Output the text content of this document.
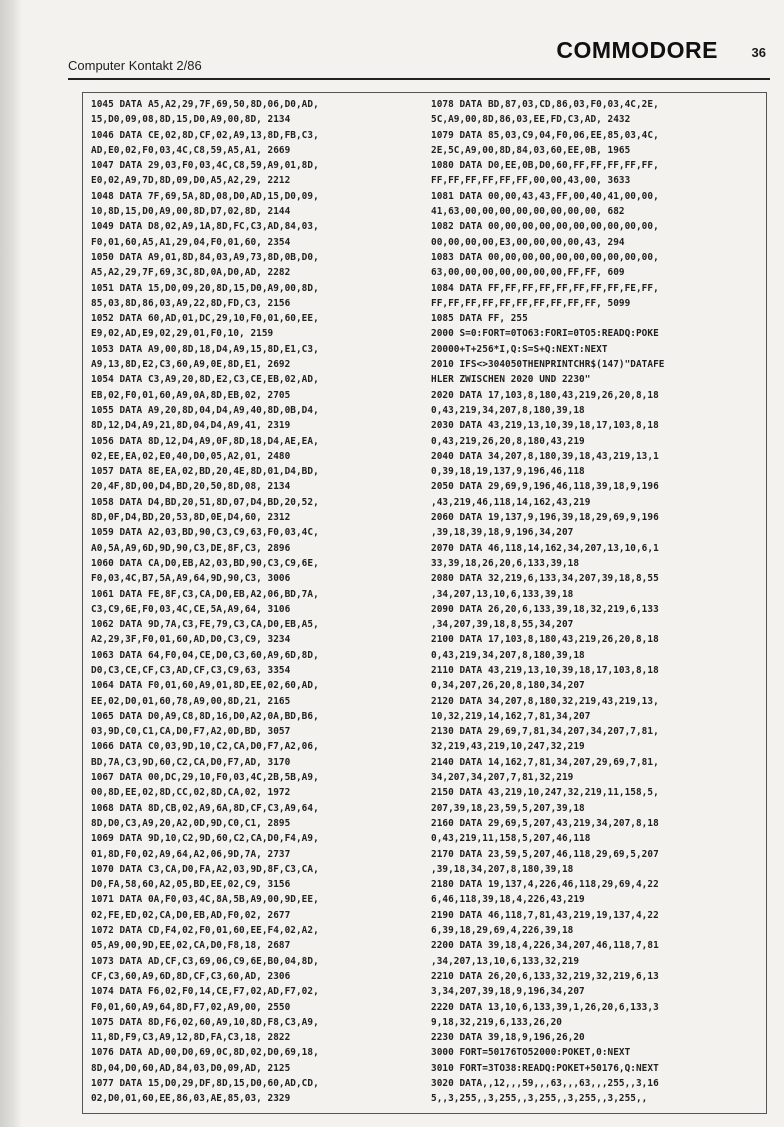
Computer Kontakt 2/86
COMMODORE	36
1045 DATA A5,A2,29,7F,69,50,8D,06,D0,AD,
15,D0,09,08,8D,15,D0,A9,00,8D, 2134
1046 DATA CE,02,8D,CF,02,A9,13,8D,FB,C3,
AD,E0,02,F0,03,4C,C8,59,A5,A1, 2669
1047 DATA 29,03,F0,03,4C,C8,59,A9,01,8D,
E0,02,A9,7D,8D,09,D0,A5,A2,29, 2212
1048 DATA 7F,69,5A,8D,08,D0,AD,15,D0,09,
10,8D,15,D0,A9,00,8D,D7,02,8D, 2144
1049 DATA D8,02,A9,1A,8D,FC,C3,AD,84,03,
F0,01,60,A5,A1,29,04,F0,01,60, 2354
1050 DATA A9,01,8D,84,03,A9,73,8D,0B,D0,
A5,A2,29,7F,69,3C,8D,0A,D0,AD, 2282
1051 DATA 15,D0,09,20,8D,15,D0,A9,00,8D,
85,03,8D,86,03,A9,22,8D,FD,C3, 2156
1052 DATA 60,AD,01,DC,29,10,F0,01,60,EE,
E9,02,AD,E9,02,29,01,F0,10, 2159
1053 DATA A9,00,8D,18,D4,A9,15,8D,E1,C3,
A9,13,8D,E2,C3,60,A9,0E,8D,E1, 2692
1054 DATA C3,A9,20,8D,E2,C3,CE,EB,02,AD,
EB,02,F0,01,60,A9,0A,8D,EB,02, 2705
1055 DATA A9,20,8D,04,D4,A9,40,8D,0B,D4,
8D,12,D4,A9,21,8D,04,D4,A9,41, 2319
1056 DATA 8D,12,D4,A9,0F,8D,18,D4,AE,EA,
02,EE,EA,02,E0,40,D0,05,A2,01, 2480
1057 DATA 8E,EA,02,BD,20,4E,8D,01,D4,BD,
20,4F,8D,00,D4,BD,20,50,8D,08, 2134
1058 DATA D4,BD,20,51,8D,07,D4,BD,20,52,
8D,0F,D4,BD,20,53,8D,0E,D4,60, 2312
1059 DATA A2,03,BD,90,C3,C9,63,F0,03,4C,
A0,5A,A9,6D,9D,90,C3,DE,8F,C3, 2896
1060 DATA CA,D0,EB,A2,03,BD,90,C3,C9,6E,
F0,03,4C,B7,5A,A9,64,9D,90,C3, 3006
1061 DATA FE,8F,C3,CA,D0,EB,A2,06,BD,7A,
C3,C9,6E,F0,03,4C,CE,5A,A9,64, 3106
1062 DATA 9D,7A,C3,FE,79,C3,CA,D0,EB,A5,
A2,29,3F,F0,01,60,AD,D0,C3,C9, 3234
1063 DATA 64,F0,04,CE,D0,C3,60,A9,6D,8D,
D0,C3,CE,CF,C3,AD,CF,C3,C9,63, 3354
1064 DATA F0,01,60,A9,01,8D,EE,02,60,AD,
EE,02,D0,01,60,78,A9,00,8D,21, 2165
1065 DATA D0,A9,C8,8D,16,D0,A2,0A,BD,B6,
03,9D,C0,C1,CA,D0,F7,A2,0D,BD, 3057
1066 DATA C0,03,9D,10,C2,CA,D0,F7,A2,06,
BD,7A,C3,9D,60,C2,CA,D0,F7,AD, 3170
1067 DATA 00,DC,29,10,F0,03,4C,2B,5B,A9,
00,8D,EE,02,8D,CC,02,8D,CA,02, 1972
1068 DATA 8D,CB,02,A9,6A,8D,CF,C3,A9,64,
8D,D0,C3,A9,20,A2,0D,9D,C0,C1, 2895
1069 DATA 9D,10,C2,9D,60,C2,CA,D0,F4,A9,
01,8D,F0,02,A9,64,A2,06,9D,7A, 2737
1070 DATA C3,CA,D0,FA,A2,03,9D,8F,C3,CA,
D0,FA,58,60,A2,05,BD,EE,02,C9, 3156
1071 DATA 0A,F0,03,4C,8A,5B,A9,00,9D,EE,
02,FE,ED,02,CA,D0,EB,AD,F0,02, 2677
1072 DATA CD,F4,02,F0,01,60,EE,F4,02,A2,
05,A9,00,9D,EE,02,CA,D0,F8,18, 2687
1073 DATA AD,CF,C3,69,06,C9,6E,B0,04,8D,
CF,C3,60,A9,6D,8D,CF,C3,60,AD, 2306
1074 DATA F6,02,F0,14,CE,F7,02,AD,F7,02,
F0,01,60,A9,64,8D,F7,02,A9,00, 2550
1075 DATA 8D,F6,02,60,A9,10,8D,F8,C3,A9,
11,8D,F9,C3,A9,12,8D,FA,C3,18, 2822
1076 DATA AD,00,D0,69,0C,8D,02,D0,69,18,
8D,04,D0,60,AD,84,03,D0,09,AD, 2125
1077 DATA 15,D0,29,DF,8D,15,D0,60,AD,CD,
02,D0,01,60,EE,86,03,AE,85,03, 2329
1078 DATA BD,87,03,CD,86,03,F0,03,4C,2E,
5C,A9,00,8D,86,03,EE,FD,C3,AD, 2432
1079 DATA 85,03,C9,04,F0,06,EE,85,03,4C,
2E,5C,A9,00,8D,84,03,60,EE,0B, 1965
1080 DATA D0,EE,0B,D0,60,FF,FF,FF,FF,FF,
FF,FF,FF,FF,FF,FF,00,00,43,00, 3633
1081 DATA 00,00,43,43,FF,00,40,41,00,00,
41,63,00,00,00,00,00,00,00,00, 682
1082 DATA 00,00,00,00,00,00,00,00,00,00,
00,00,00,00,E3,00,00,00,00,43, 294
1083 DATA 00,00,00,00,00,00,00,00,00,00,
63,00,00,00,00,00,00,00,FF,FF, 609
1084 DATA FF,FF,FF,FF,FF,FF,FF,FF,FE,FF,
FF,FF,FF,FF,FF,FF,FF,FF,FF,FF, 5099
1085 DATA FF, 255
2000 S=0:FORT=0TO63:FORI=0TO5:READQ:POKE
20000+T+256*I,Q:S=S+Q:NEXT:NEXT
2010 IFS<>304050THENPRINTCHR$(147)"DATAFE
HLER ZWISCHEN 2020 UND 2230"
2020 DATA 17,103,8,180,43,219,26,20,8,18
0,43,219,34,207,8,180,39,18
2030 DATA 43,219,13,10,39,18,17,103,8,18
0,43,219,26,20,8,180,43,219
2040 DATA 34,207,8,180,39,18,43,219,13,1
0,39,18,19,137,9,196,46,118
2050 DATA 29,69,9,196,46,118,39,18,9,196
,43,219,46,118,14,162,43,219
2060 DATA 19,137,9,196,39,18,29,69,9,196
,39,18,39,18,9,196,34,207
2070 DATA 46,118,14,162,34,207,13,10,6,1
33,39,18,26,20,6,133,39,18
2080 DATA 32,219,6,133,34,207,39,18,8,55
,34,207,13,10,6,133,39,18
2090 DATA 26,20,6,133,39,18,32,219,6,133
,34,207,39,18,8,55,34,207
2100 DATA 17,103,8,180,43,219,26,20,8,18
0,43,219,34,207,8,180,39,18
2110 DATA 43,219,13,10,39,18,17,103,8,18
0,34,207,26,20,8,180,34,207
2120 DATA 34,207,8,180,32,219,43,219,13,
10,32,219,14,162,7,81,34,207
2130 DATA 29,69,7,81,34,207,34,207,7,81,
32,219,43,219,10,247,32,219
2140 DATA 14,162,7,81,34,207,29,69,7,81,
34,207,34,207,7,81,32,219
2150 DATA 43,219,10,247,32,219,11,158,5,
207,39,18,23,59,5,207,39,18
2160 DATA 29,69,5,207,43,219,34,207,8,18
0,43,219,11,158,5,207,46,118
2170 DATA 23,59,5,207,46,118,29,69,5,207
,39,18,34,207,8,180,39,18
2180 DATA 19,137,4,226,46,118,29,69,4,22
6,46,118,39,18,4,226,43,219
2190 DATA 46,118,7,81,43,219,19,137,4,22
6,39,18,29,69,4,226,39,18
2200 DATA 39,18,4,226,34,207,46,118,7,81
,34,207,13,10,6,133,32,219
2210 DATA 26,20,6,133,32,219,32,219,6,13
3,34,207,39,18,9,196,34,207
2220 DATA 13,10,6,133,39,1,26,20,6,133,3
9,18,32,219,6,133,26,20
2230 DATA 39,18,9,196,26,20
3000 FORT=50176TO52000:POKET,0:NEXT
3010 FORT=3TO38:READQ:POKET+50176,Q:NEXT
3020 DATA,,12,,,59,,,63,,,63,,,255,,3,16
5,,3,255,,3,255,,3,255,,3,255,,3,255,,
